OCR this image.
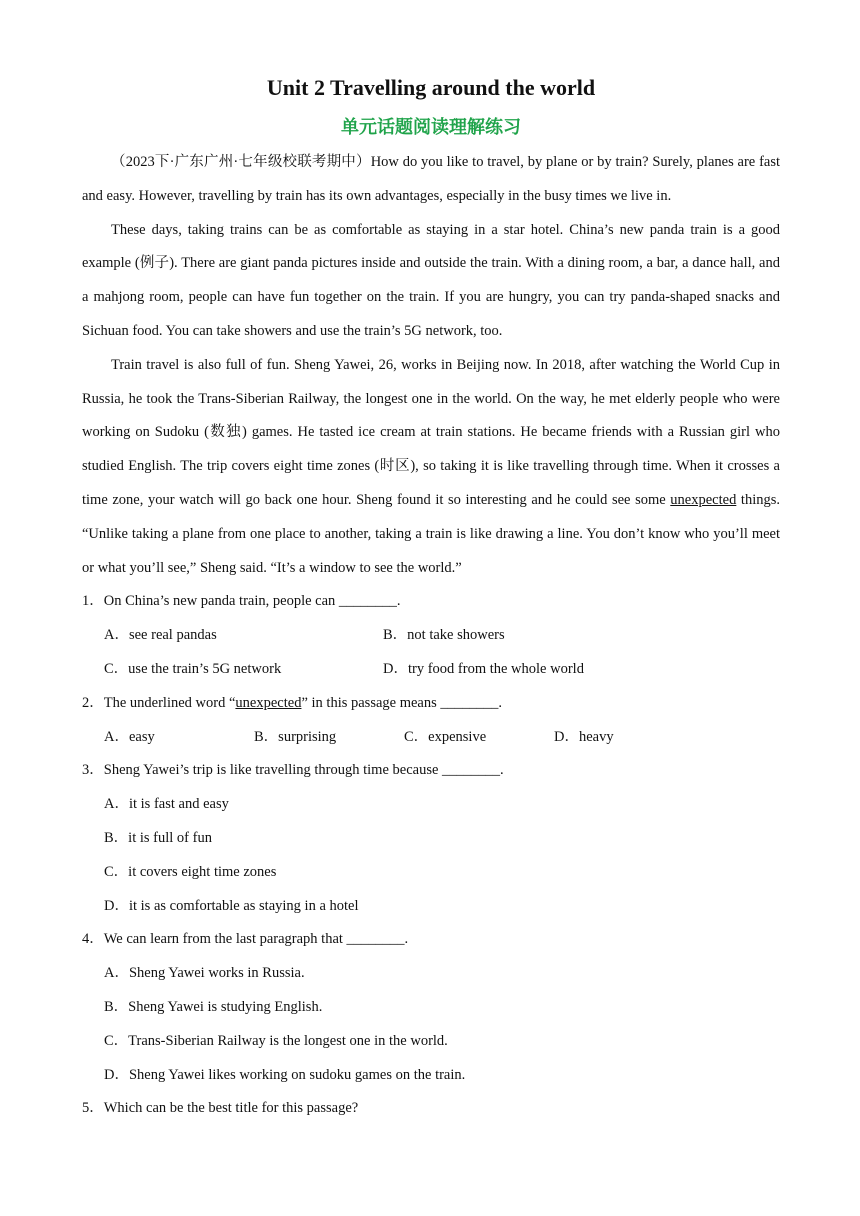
Unit 2 Travelling around the world
单元话题阅读理解练习

（2023下·广东广州·七年级校联考期中）How do you like to travel, by plane or by train? Surely, planes are fast and easy. However, travelling by train has its own advantages, especially in the busy times we live in.

These days, taking trains can be as comfortable as staying in a star hotel. China’s new panda train is a good example (例子). There are giant panda pictures inside and outside the train. With a dining room, a bar, a dance hall, and a mahjong room, people can have fun together on the train. If you are hungry, you can try panda-shaped snacks and Sichuan food. You can take showers and use the train’s 5G network, too.

Train travel is also full of fun. Sheng Yawei, 26, works in Beijing now. In 2018, after watching the World Cup in Russia, he took the Trans-Siberian Railway, the longest one in the world. On the way, he met elderly people who were working on Sudoku (数独) games. He tasted ice cream at train stations. He became friends with a Russian girl who studied English. The trip covers eight time zones (时区), so taking it is like travelling through time. When it crosses a time zone, your watch will go back one hour. Sheng found it so interesting and he could see some unexpected things. “Unlike taking a plane from one place to another, taking a train is like drawing a line. You don’t know who you’ll meet or what you’ll see,” Sheng said. “It’s a window to see the world.”

1．On China’s new panda train, people can ________.

A．see real pandas	B．not take showers
C．use the train’s 5G network	D．try food from the whole world

2．The underlined word “unexpected” in this passage means ________.

A．easy	B．surprising	C．expensive	D．heavy

3．Sheng Yawei’s trip is like travelling through time because ________.

A．it is fast and easy

B．it is full of fun

C．it covers eight time zones

D．it is as comfortable as staying in a hotel

4．We can learn from the last paragraph that ________.

A．Sheng Yawei works in Russia.

B．Sheng Yawei is studying English.

C．Trans-Siberian Railway is the longest one in the world.

D．Sheng Yawei likes working on sudoku games on the train.

5．Which can be the best title for this passage?
